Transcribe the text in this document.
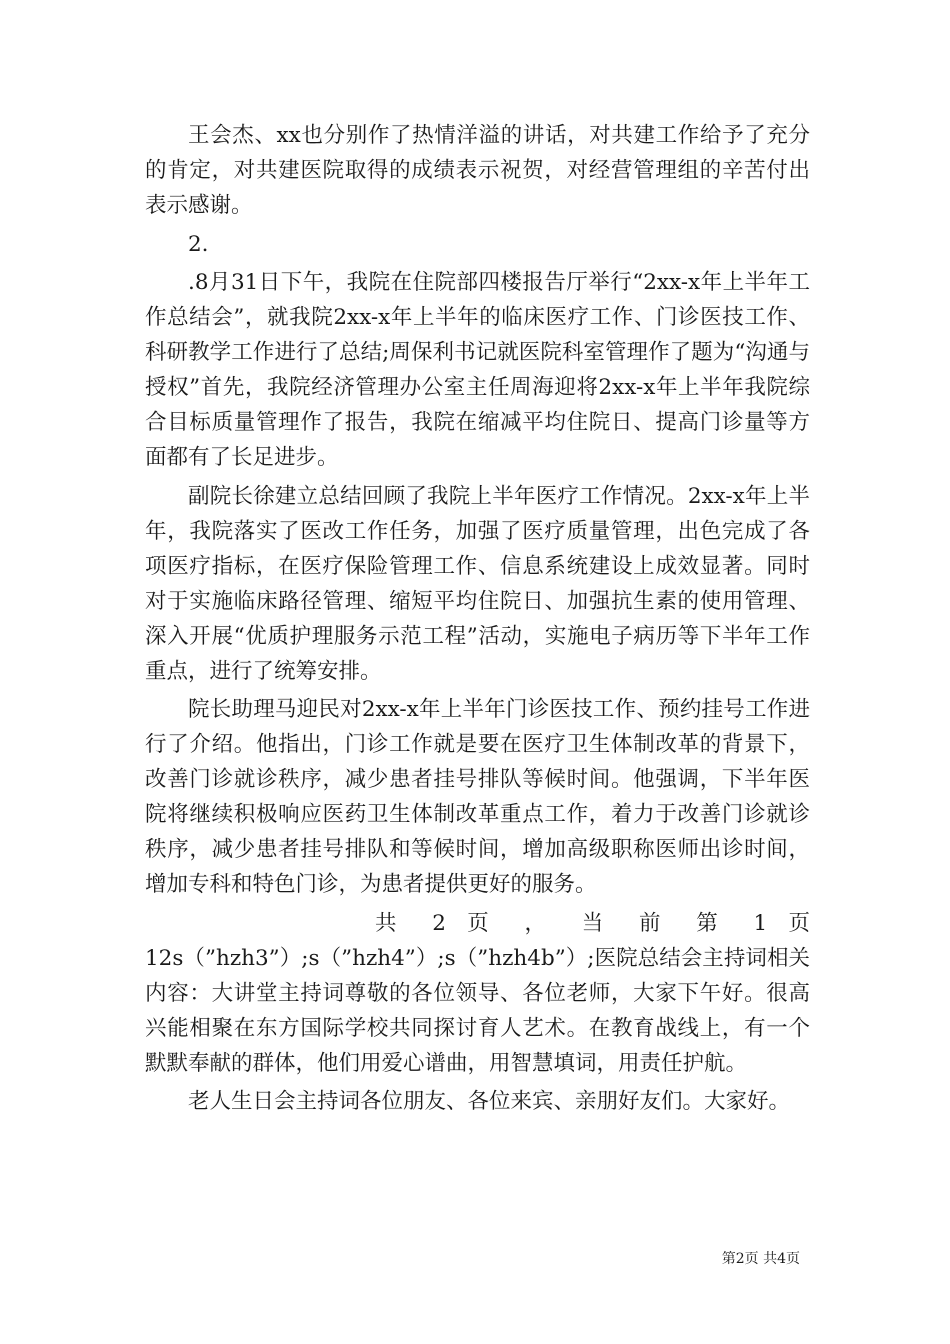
王会杰、xx也分别作了热情洋溢的讲话，对共建工作给予了充分的肯定，对共建医院取得的成绩表示祝贺，对经营管理组的辛苦付出表示感谢。

2.

.8月31日下午，我院在住院部四楼报告厅举行“2xx-x年上半年工作总结会”，就我院2xx-x年上半年的临床医疗工作、门诊医技工作、科研教学工作进行了总结;周保利书记就医院科室管理作了题为“沟通与授权”首先，我院经济管理办公室主任周海迎将2xx-x年上半年我院综合目标质量管理作了报告，我院在缩减平均住院日、提高门诊量等方面都有了长足进步。

副院长徐建立总结回顾了我院上半年医疗工作情况。2xx-x年上半年，我院落实了医改工作任务，加强了医疗质量管理，出色完成了各项医疗指标，在医疗保险管理工作、信息系统建设上成效显著。同时对于实施临床路径管理、缩短平均住院日、加强抗生素的使用管理、深入开展“优质护理服务示范工程”活动，实施电子病历等下半年工作重点，进行了统筹安排。

院长助理马迎民对2xx-x年上半年门诊医技工作、预约挂号工作进行了介绍。他指出，门诊工作就是要在医疗卫生体制改革的背景下，改善门诊就诊秩序，减少患者挂号排队等候时间。他强调，下半年医院将继续积极响应医药卫生体制改革重点工作，着力于改善门诊就诊秩序，减少患者挂号排队和等候时间，增加高级职称医师出诊时间，增加专科和特色门诊，为患者提供更好的服务。

共 2 页 ， 当 前 第 1 页

12s（”hzh3”）;s（”hzh4”）;s（”hzh4b”）;医院总结会主持词相关内容：大讲堂主持词尊敬的各位领导、各位老师，大家下午好。很高兴能相聚在东方国际学校共同探讨育人艺术。在教育战线上，有一个默默奉献的群体，他们用爱心谱曲，用智慧填词，用责任护航。

老人生日会主持词各位朋友、各位来宾、亲朋好友们。大家好。

第2页 共4页
